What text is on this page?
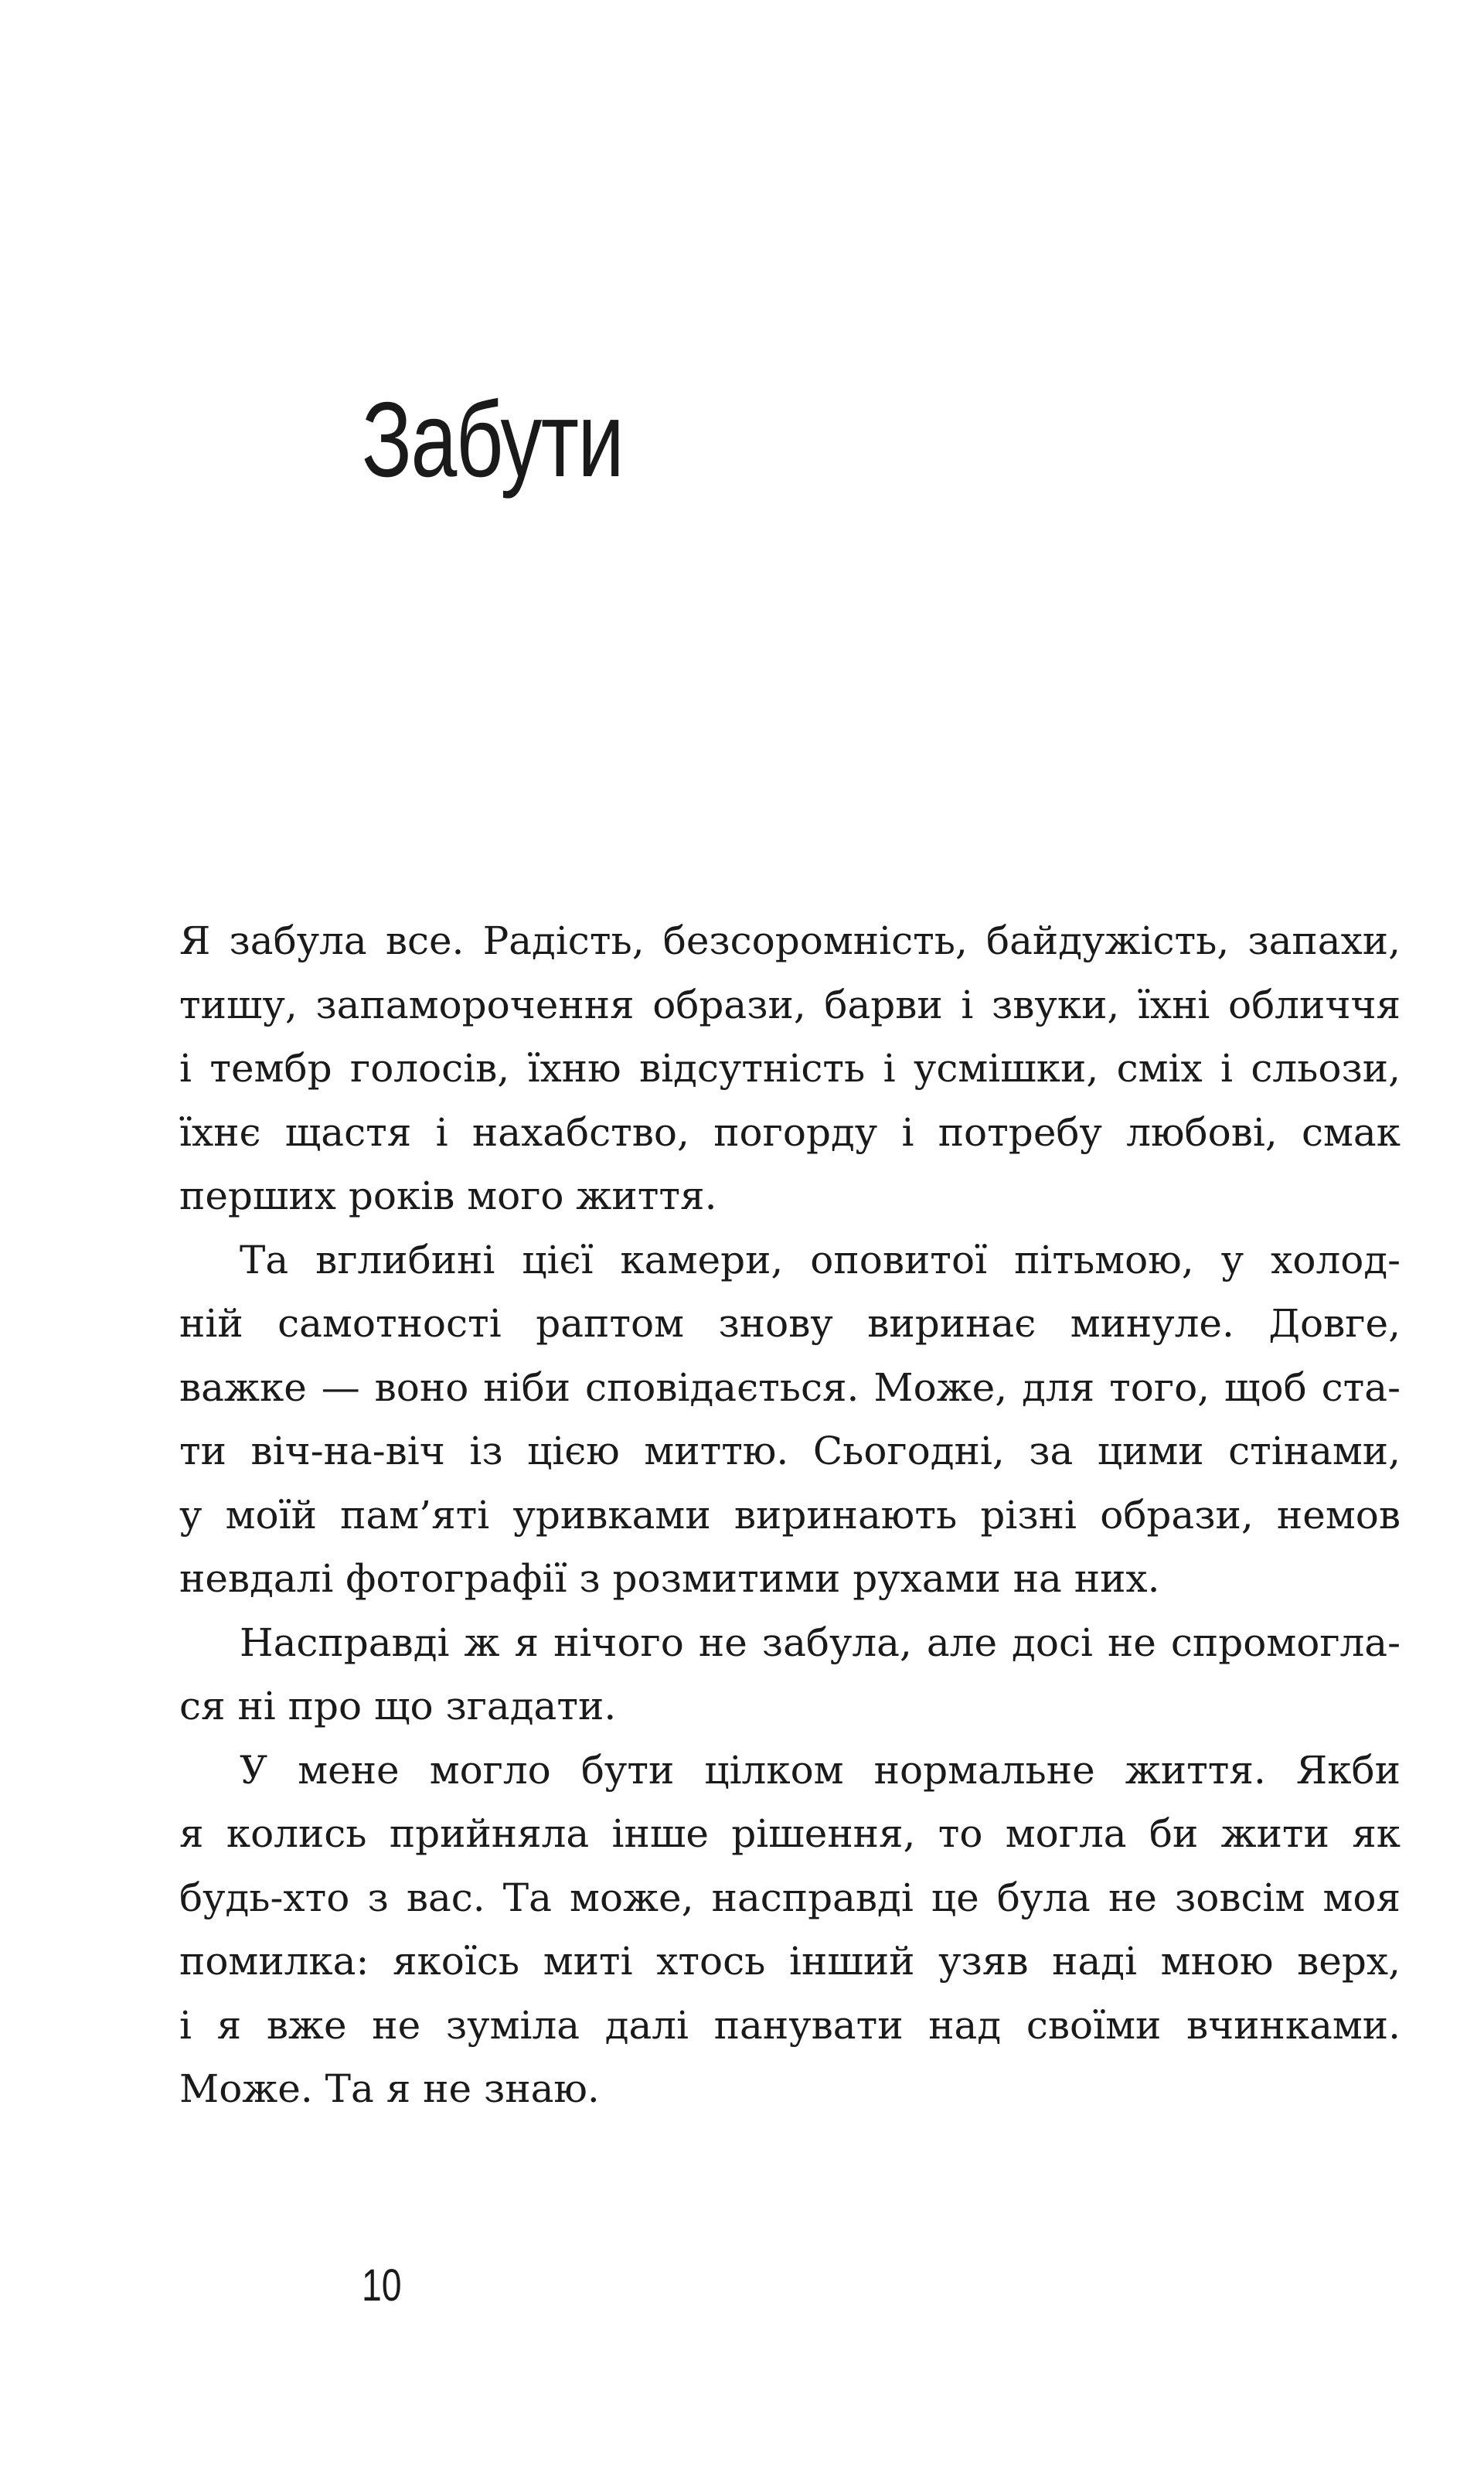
Забути
Я забула все. Радість, безсоромність, байдужість, запахи,
тишу, запаморочення образи, барви і звуки, їхні обличчя
і тембр голосів, їхню відсутність і усмішки, сміх і сльози,
їхнє щастя і нахабство, погорду і потребу любові, смак
перших років мого життя.
Та вглибині цієї камери, оповитої пітьмою, у холод-
ній самотності раптом знову виринає минуле. Довге,
важке — воно ніби сповідається. Може, для того, щоб ста-
ти віч-на-віч із цією миттю. Сьогодні, за цими стінами,
у моїй пам’яті уривками виринають різні образи, немов
невдалі фотографії з розмитими рухами на них.
Насправді ж я нічого не забула, але досі не спромогла-
ся ні про що згадати.
У мене могло бути цілком нормальне життя. Якби
я колись прийняла інше рішення, то могла би жити як
будь-хто з вас. Та може, насправді це була не зовсім моя
помилка: якоїсь миті хтось інший узяв наді мною верх,
і я вже не зуміла далі панувати над своїми вчинками.
Може. Та я не знаю.
10
